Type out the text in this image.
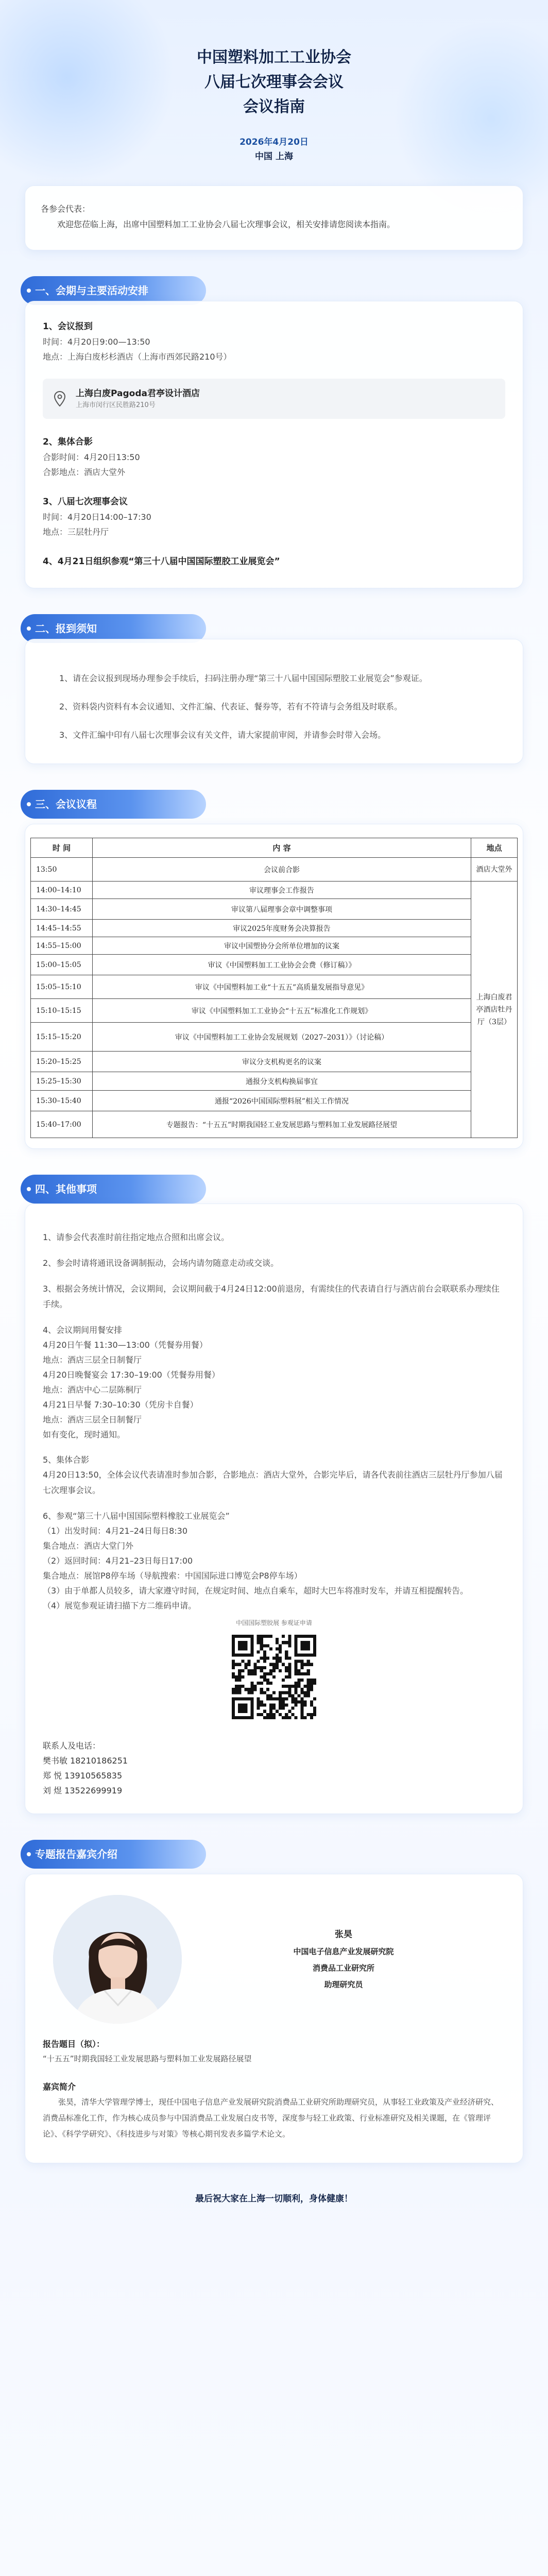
中国塑料加工工业协会
八届七次理事会会议
会议指南
2026年4月20日
中国 上海

各参会代表：

欢迎您莅临上海，出席中国塑料加工工业协会八届七次理事会议，相关安排请您阅读本指南。

一、会期与主要活动安排
1、会议报到
时间：4月20日9:00—13:50
地点：上海白废杉杉酒店（上海市西郊民路210号）
上海白废Pagoda君亭设计酒店
上海市闵行区民胜路210号
2、集体合影
合影时间：4月20日13:50
合影地点：酒店大堂外
3、八届七次理事会议
时间：4月20日14:00–17:30
地点：三层牡丹厅
4、4月21日组织参观“第三十八届中国国际塑胶工业展览会”
二、报到须知

1、请在会议报到现场办理参会手续后，扫码注册办理“第三十八届中国国际塑胶工业展览会”参观证。

2、资料袋内资料有本会议通知、文件汇编、代表证、餐券等，若有不符请与会务组及时联系。

3、文件汇编中印有八届七次理事会议有关文件，请大家提前审阅，并请参会时带入会场。

三、会议议程
时 间	内 容	地点
13:50	会议前合影	酒店大堂外
14:00–14:10	审议理事会工作报告	上海白废君亭酒店牡丹厅（3层）
14:30–14:45	审议第八届理事会章中调整事项	
14:45–14:55	审议2025年度财务会决算报告	
14:55–15:00	审议中国塑协分会所单位增加的议案	
15:00–15:05	审议《中国塑料加工工业协会会费（修订稿）》	
15:05–15:10	审议《中国塑料加工业“十五五”高质量发展指导意见》	
15:10–15:15	审议《中国塑料加工工业协会“十五五”标准化工作规划》	
15:15–15:20	审议《中国塑料加工工业协会发展规划（2027–2031）》（讨论稿）	
15:20–15:25	审议分支机构更名的议案	
15:25–15:30	通报分支机构换届事宜	
15:30–15:40	通报“2026中国国际塑料展”相关工作情况	
15:40–17:00	专题报告：“十五五”时期我国轻工业发展思路与塑料加工业发展路径展望	
四、其他事项
1、请参会代表准时前往指定地点合照和出席会议。
2、参会时请将通讯设备调制振动，会场内请勿随意走动或交谈。
3、根据会务统计情况，会议期间，会议期间截于4月24日12:00前退房，有需续住的代表请自行与酒店前台会联联系办理续住手续。
4、会议期间用餐安排
4月20日午餐 11:30—13:00（凭餐券用餐）
地点：酒店三层全日制餐厅
4月20日晚餐宴会 17:30–19:00（凭餐券用餐）
地点：酒店中心二层陈桐厅
4月21日早餐 7:30–10:30（凭房卡自餐）
地点：酒店三层全日制餐厅
如有变化，现时通知。
5、集体合影
4月20日13:50，全体会议代表请准时参加合影，合影地点：酒店大堂外，合影完毕后，请各代表前往酒店三层牡丹厅参加八届七次理事会议。
6、参观“第三十八届中国国际塑料橡胶工业展览会”
（1）出发时间：4月21–24日每日8:30
集合地点：酒店大堂门外
（2）返回时间：4月21–23日每日17:00
集合地点：展馆P8停车场（导航搜索：中国国际进口博览会P8停车场）
（3）由于单都人员较多，请大家遵守时间，在规定时间、地点自乘车，超时大巴车将准时发车，并请互相提醒转告。
（4）展览参观证请扫描下方二维码申请。
中国国际塑胶展 参观证申请
联系人及电话：
樊书敏 18210186251
郑 悦 13910565835
刘 煜 13522699919
专题报告嘉宾介绍
张昊
中国电子信息产业发展研究院
消费品工业研究所
助理研究员
报告题目（拟）：
“十五五”时期我国轻工业发展思路与塑料加工业发展路径展望
嘉宾简介
张昊，清华大学管理学博士，现任中国电子信息产业发展研究院消费品工业研究所助理研究员，从事轻工业政策及产业经济研究、消费品标准化工作，作为核心成员参与中国消费品工业发展白皮书等，深度参与轻工业政策、行业标准研究及相关课题，在《管理评论》、《科学学研究》、《科技进步与对策》等核心期刊发表多篇学术论文。
最后祝大家在上海一切顺利，身体健康！
